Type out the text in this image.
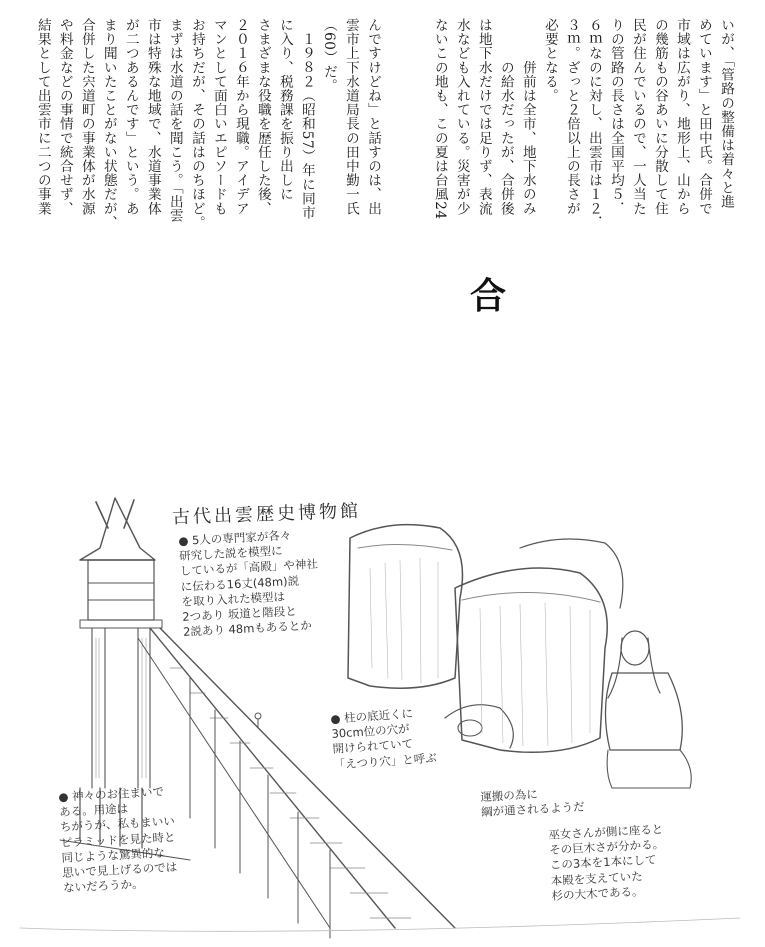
いが、「管路の整備は着々と進
めています」と田中氏。合併で
市域は広がり、地形上、山から
の幾筋もの谷あいに分散して住
民が住んでいるので、一人当た
りの管路の長さは全国平均５．
６ｍなのに対し、出雲市は１２．
３ｍ。ざっと２倍以上の長さが
必要となる。
　　　併前は全市、地下水のみ
　　　の給水だったが、合併後
は地下水だけでは足りず、表流
水なども入れている。災害が少
ないこの地も、この夏は台風24

合
んですけどね」と話すのは、出
雲市上下水道局長の田中勤一氏
（60）だ。
　１９８２（昭和57）年に同市
に入り、税務課を振り出しに
さまざまな役職を歴任した後、
２０１６年から現職。アイデア
マンとして面白いエピソードも
お持ちだが、その話はのちほど。
まずは水道の話を聞こう。「出雲
市は特殊な地域で、水道事業体
が二つあるんです」という。あ
まり聞いたことがない状態だが、
合併した宍道町の事業体が水源
や料金などの事情で統合せず、
結果として出雲市に二つの事業

古代出雲歴史博物館
● 5人の専門家が各々
研究した説を模型に
しているが「高殿」や神社
に伝わる16丈(48m)説
を取り入れた模型は
2つあり 坂道と階段と
2説あり 48mもあるとか
● 柱の底近くに
30cm位の穴が
開けられていて
「えつり穴」と呼ぶ
● 神々のお住まいで
ある。用途は
ちがうが、私もまいい
ピラミッドを見た時と
同じような驚異的な
思いで見上げるのでは
ないだろうか。
運搬の為に
綱が通されるようだ
巫女さんが側に座ると
その巨木さが分かる。
この3本を1本にして
本殿を支えていた
杉の大木である。
